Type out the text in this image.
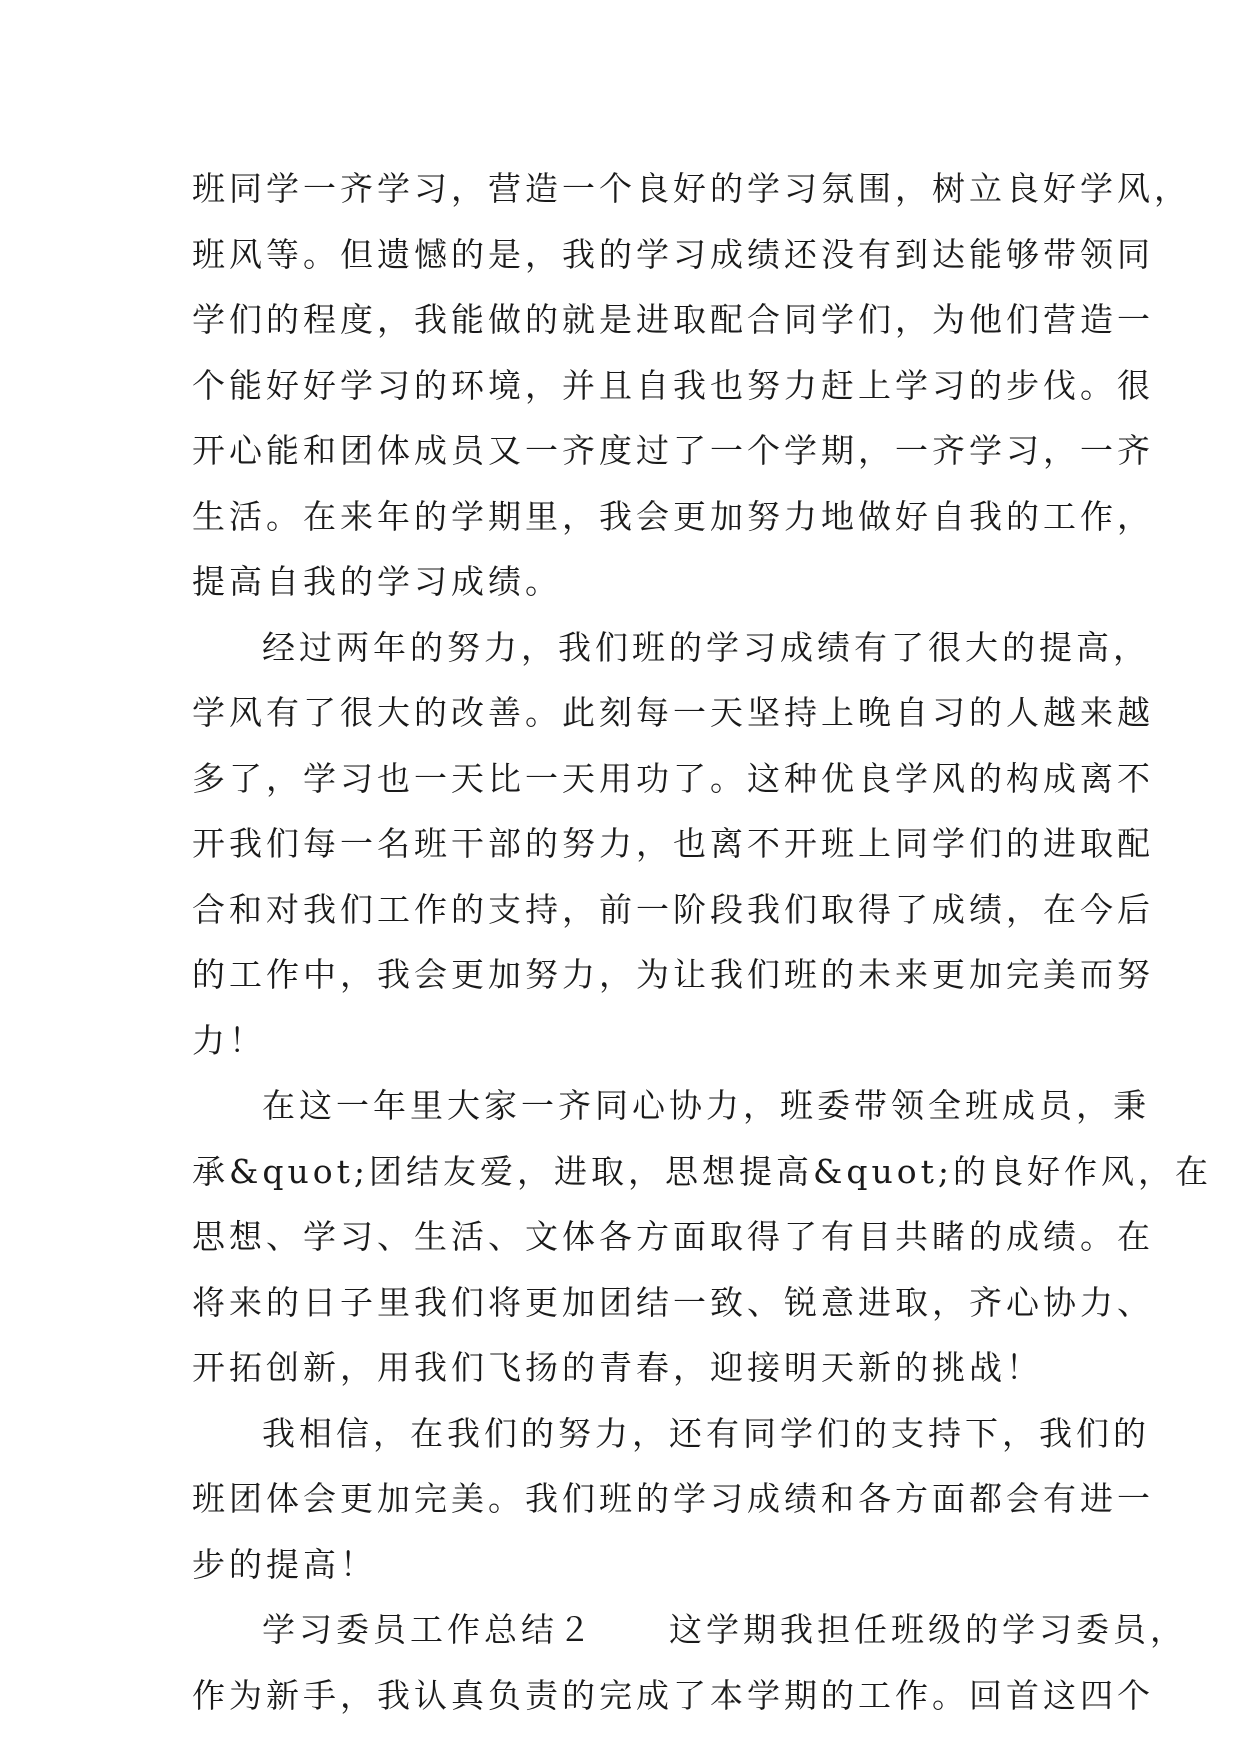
班同学一齐学习，营造一个良好的学习氛围，树立良好学风，
班风等。但遗憾的是，我的学习成绩还没有到达能够带领同
学们的程度，我能做的就是进取配合同学们，为他们营造一
个能好好学习的环境，并且自我也努力赶上学习的步伐。很
开心能和团体成员又一齐度过了一个学期，一齐学习，一齐
生活。在来年的学期里，我会更加努力地做好自我的工作，
提高自我的学习成绩。

经过两年的努力，我们班的学习成绩有了很大的提高，
学风有了很大的改善。此刻每一天坚持上晚自习的人越来越
多了，学习也一天比一天用功了。这种优良学风的构成离不
开我们每一名班干部的努力，也离不开班上同学们的进取配
合和对我们工作的支持，前一阶段我们取得了成绩，在今后
的工作中，我会更加努力，为让我们班的未来更加完美而努
力！

在这一年里大家一齐同心协力，班委带领全班成员，秉
承&quot;团结友爱，进取，思想提高&quot;的良好作风，在
思想、学习、生活、文体各方面取得了有目共睹的成绩。在
将来的日子里我们将更加团结一致、锐意进取，齐心协力、
开拓创新，用我们飞扬的青春，迎接明天新的挑战！

我相信，在我们的努力，还有同学们的支持下，我们的
班团体会更加完美。我们班的学习成绩和各方面都会有进一
步的提高！

学习委员工作总结２　　这学期我担任班级的学习委员，
作为新手，我认真负责的完成了本学期的工作。回首这四个
